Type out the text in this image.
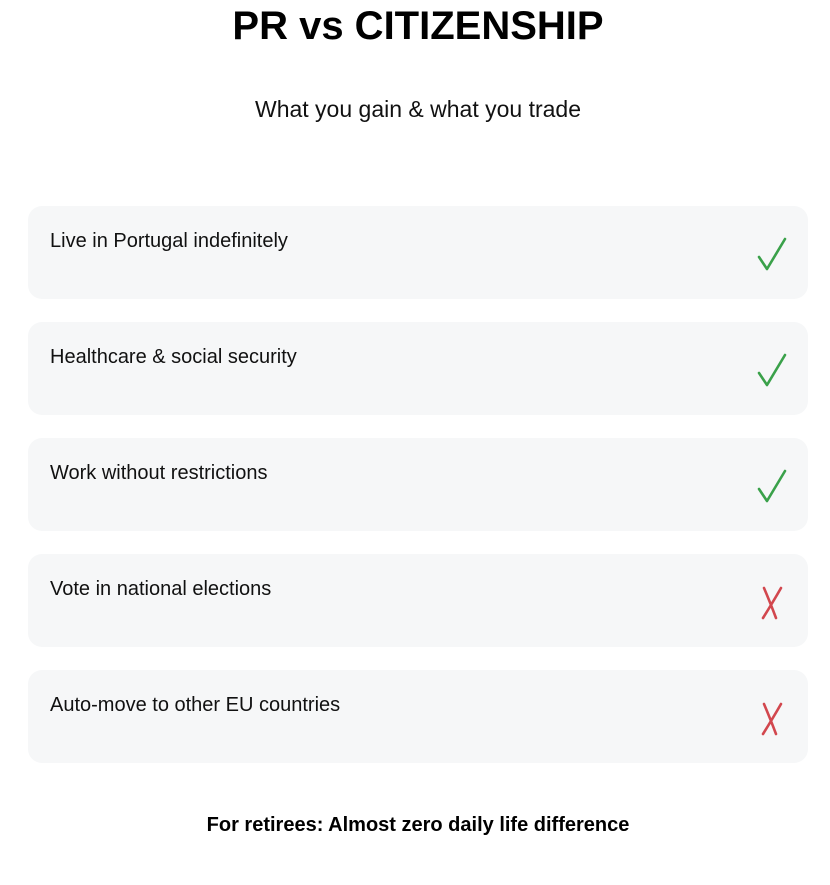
PR vs CITIZENSHIP

What you gain & what you trade

Live in Portugal indefinitely
Healthcare & social security
Work without restrictions
Vote in national elections
Auto-move to other EU countries

For retirees: Almost zero daily life difference
